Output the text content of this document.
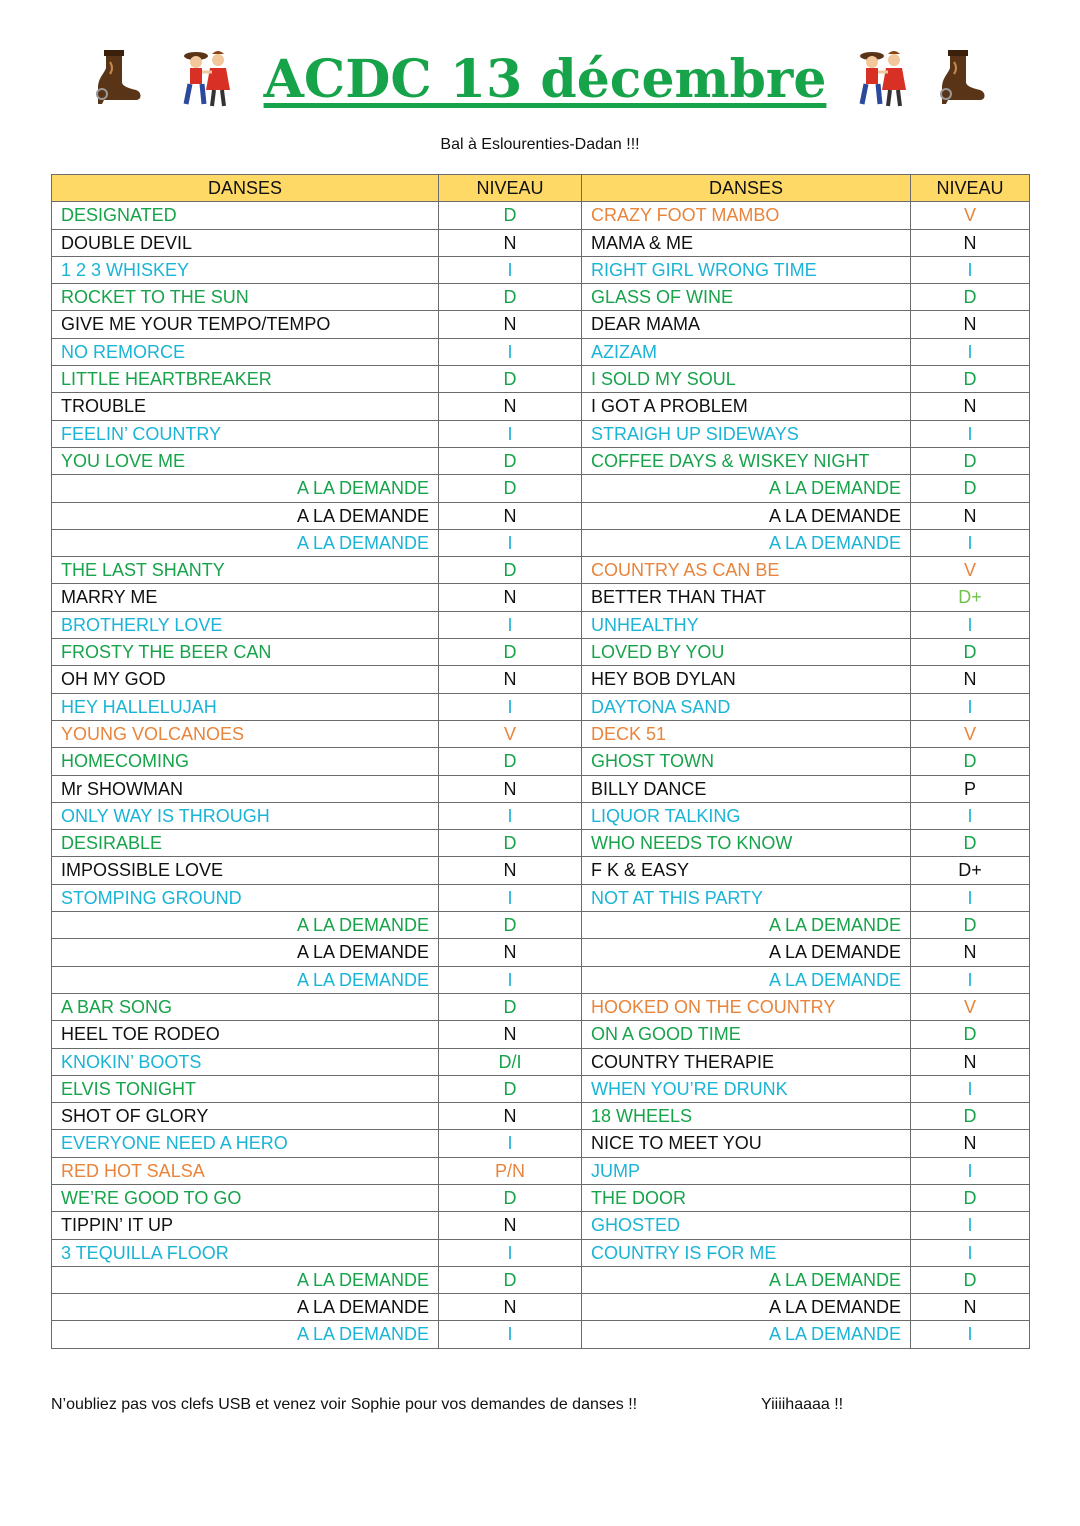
ACDC 13 décembre
Bal à Eslourenties-Dadan !!!
DANSES	NIVEAU	DANSES	NIVEAU
DESIGNATED	D	CRAZY FOOT MAMBO	V
DOUBLE DEVIL	N	MAMA & ME	N
1 2 3 WHISKEY	I	RIGHT GIRL WRONG TIME	I
ROCKET TO THE SUN	D	GLASS OF WINE	D
GIVE ME YOUR TEMPO/TEMPO	N	DEAR MAMA	N
NO REMORCE	I	AZIZAM	I
LITTLE HEARTBREAKER	D	I SOLD MY SOUL	D
TROUBLE	N	I GOT A PROBLEM	N
FEELIN’ COUNTRY	I	STRAIGH UP SIDEWAYS	I
YOU LOVE ME	D	COFFEE DAYS & WISKEY NIGHT	D
A LA DEMANDE	D	A LA DEMANDE	D
A LA DEMANDE	N	A LA DEMANDE	N
A LA DEMANDE	I	A LA DEMANDE	I
THE LAST SHANTY	D	COUNTRY AS CAN BE	V
MARRY ME	N	BETTER THAN THAT	D+
BROTHERLY LOVE	I	UNHEALTHY	I
FROSTY THE BEER CAN	D	LOVED BY YOU	D
OH MY GOD	N	HEY BOB DYLAN	N
HEY HALLELUJAH	I	DAYTONA SAND	I
YOUNG VOLCANOES	V	DECK 51	V
HOMECOMING	D	GHOST TOWN	D
Mr SHOWMAN	N	BILLY DANCE	P
ONLY WAY IS THROUGH	I	LIQUOR TALKING	I
DESIRABLE	D	WHO NEEDS TO KNOW	D
IMPOSSIBLE LOVE	N	F K & EASY	D+
STOMPING GROUND	I	NOT AT THIS PARTY	I
A LA DEMANDE	D	A LA DEMANDE	D
A LA DEMANDE	N	A LA DEMANDE	N
A LA DEMANDE	I	A LA DEMANDE	I
A BAR SONG	D	HOOKED ON THE COUNTRY	V
HEEL TOE RODEO	N	ON A GOOD TIME	D
KNOKIN’ BOOTS	D/I	COUNTRY THERAPIE	N
ELVIS TONIGHT	D	WHEN YOU’RE DRUNK	I
SHOT OF GLORY	N	18 WHEELS	D
EVERYONE NEED A HERO	I	NICE TO MEET YOU	N
RED HOT SALSA	P/N	JUMP	I
WE’RE GOOD TO GO	D	THE DOOR	D
TIPPIN’ IT UP	N	GHOSTED	I
3 TEQUILLA FLOOR	I	COUNTRY IS FOR ME	I
A LA DEMANDE	D	A LA DEMANDE	D
A LA DEMANDE	N	A LA DEMANDE	N
A LA DEMANDE	I	A LA DEMANDE	I
N’oubliez pas vos clefs USB et venez voir Sophie pour vos demandes de danses !!	Yiiiihaaaa !!
